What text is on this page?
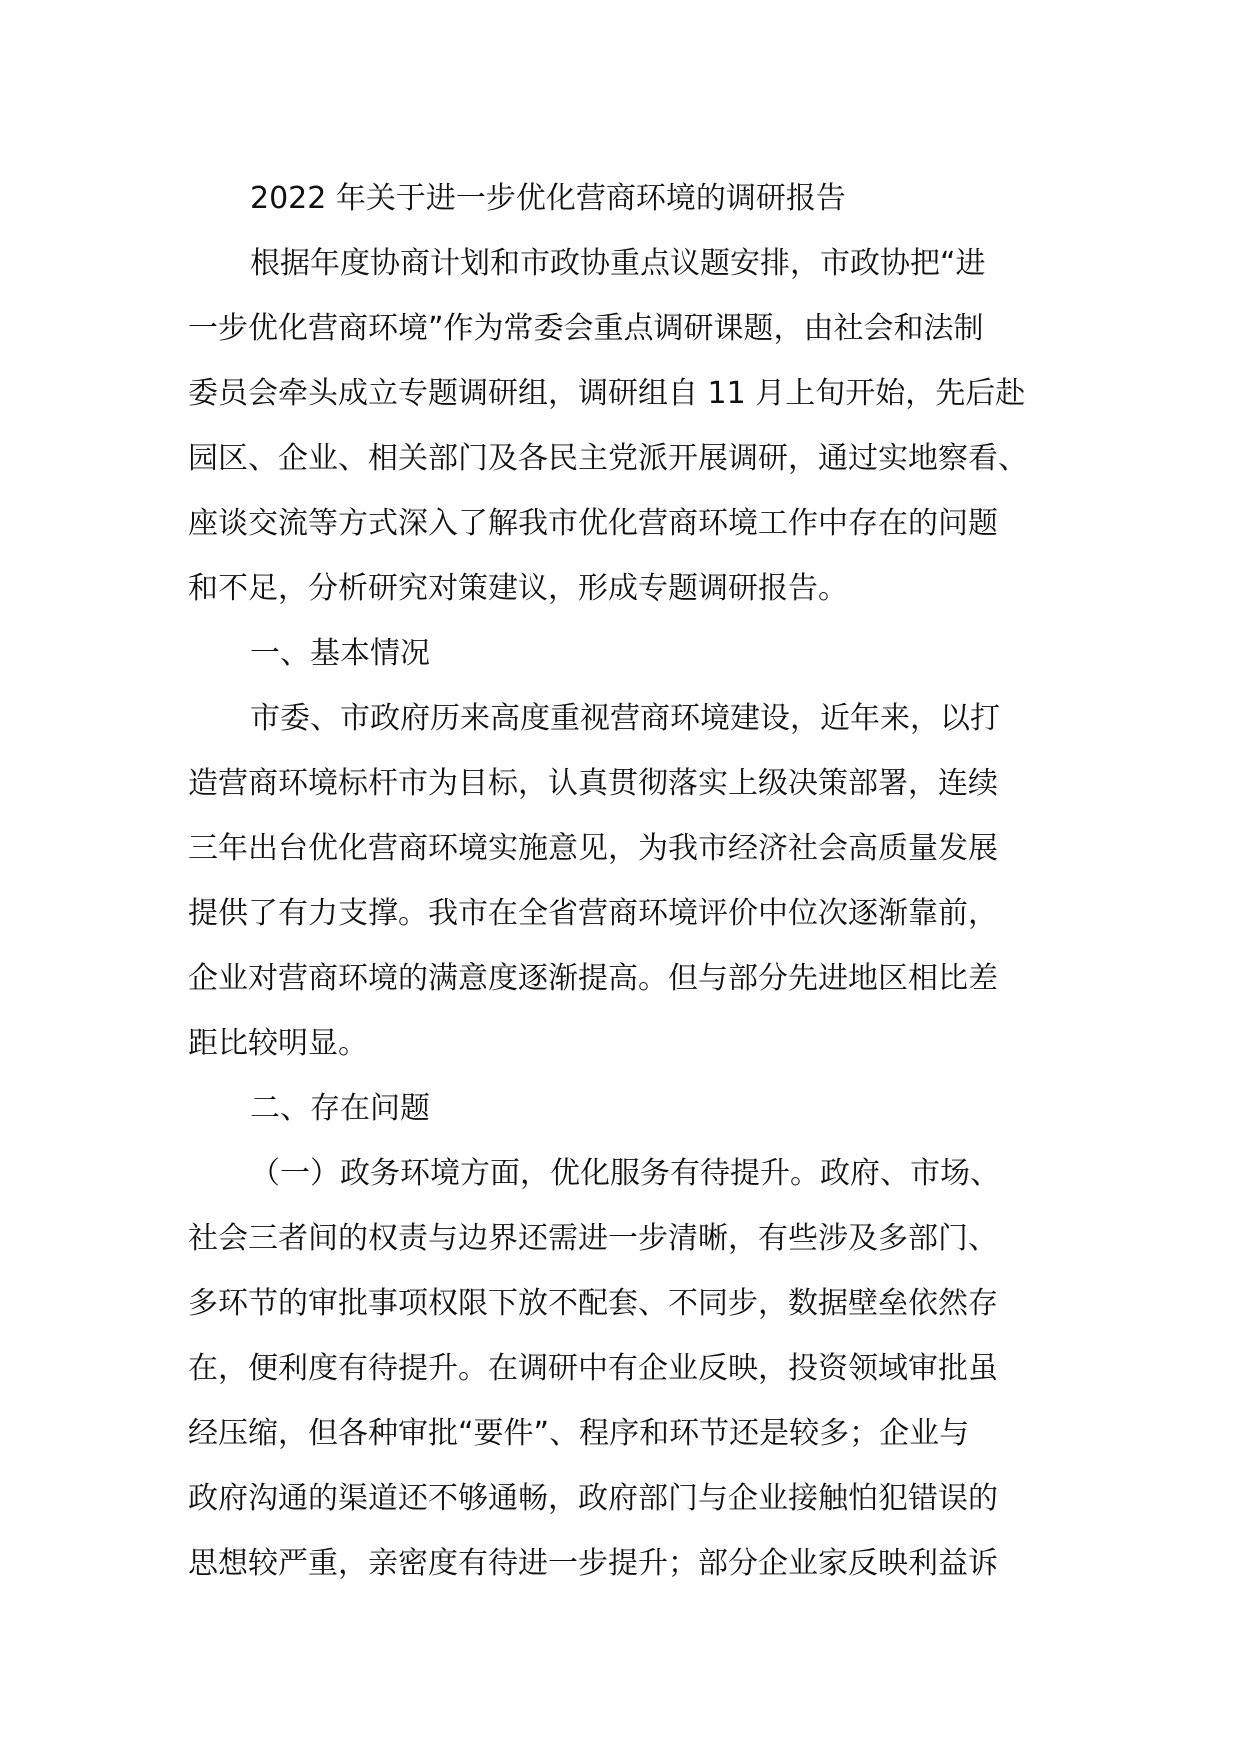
2022 年关于进一步优化营商环境的调研报告
根据年度协商计划和市政协重点议题安排，市政协把“进
一步优化营商环境”作为常委会重点调研课题，由社会和法制
委员会牵头成立专题调研组，调研组自 11 月上旬开始，先后赴
园区、企业、相关部门及各民主党派开展调研，通过实地察看、
座谈交流等方式深入了解我市优化营商环境工作中存在的问题
和不足，分析研究对策建议，形成专题调研报告。
一、基本情况
市委、市政府历来高度重视营商环境建设，近年来，以打
造营商环境标杆市为目标，认真贯彻落实上级决策部署，连续
三年出台优化营商环境实施意见，为我市经济社会高质量发展
提供了有力支撑。我市在全省营商环境评价中位次逐渐靠前，
企业对营商环境的满意度逐渐提高。但与部分先进地区相比差
距比较明显。
二、存在问题
（一）政务环境方面，优化服务有待提升。政府、市场、
社会三者间的权责与边界还需进一步清晰，有些涉及多部门、
多环节的审批事项权限下放不配套、不同步，数据壁垒依然存
在，便利度有待提升。在调研中有企业反映，投资领域审批虽
经压缩，但各种审批“要件”、程序和环节还是较多；企业与
政府沟通的渠道还不够通畅，政府部门与企业接触怕犯错误的
思想较严重，亲密度有待进一步提升；部分企业家反映利益诉
